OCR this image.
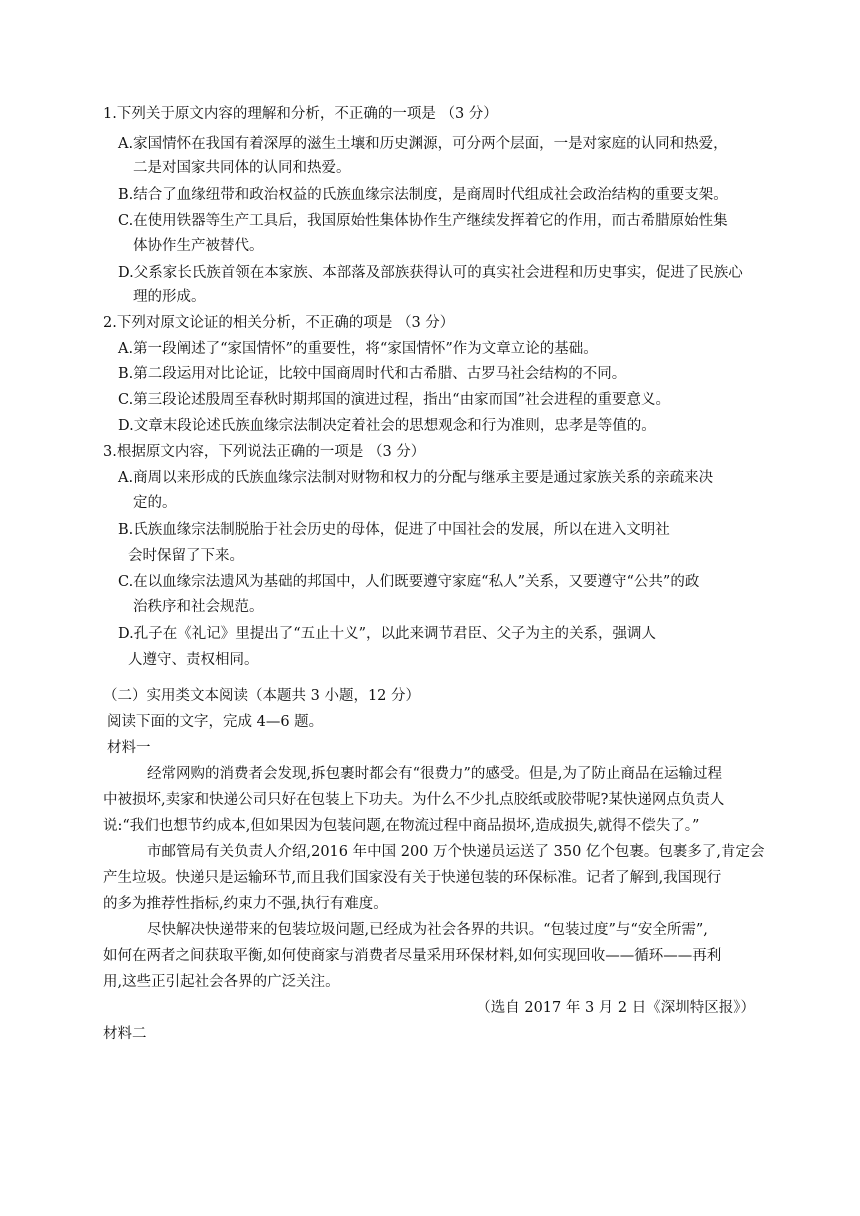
1.下列关于原文内容的理解和分析，不正确的一项是 （3 分）
A.家国情怀在我国有着深厚的滋生土壤和历史渊源，可分两个层面，一是对家庭的认同和热爱，
二是对国家共同体的认同和热爱。
B.结合了血缘纽带和政治权益的氏族血缘宗法制度，是商周时代组成社会政治结构的重要支架。
C.在使用铁器等生产工具后，我国原始性集体协作生产继续发挥着它的作用，而古希腊原始性集
体协作生产被替代。
D.父系家长氏族首领在本家族、本部落及部族获得认可的真实社会进程和历史事实，促进了民族心
理的形成。
2.下列对原文论证的相关分析，不正确的项是 （3 分）
A.第一段阐述了“家国情怀”的重要性，将“家国情怀”作为文章立论的基础。
B.第二段运用对比论证，比较中国商周时代和古希腊、古罗马社会结构的不同。
C.第三段论述殷周至春秋时期邦国的演进过程，指出“由家而国”社会进程的重要意义。
D.文章末段论述氏族血缘宗法制决定着社会的思想观念和行为准则，忠孝是等值的。
3.根据原文内容，下列说法正确的一项是 （3 分）
A.商周以来形成的氏族血缘宗法制对财物和权力的分配与继承主要是通过家族关系的亲疏来决
定的。
B.氏族血缘宗法制脱胎于社会历史的母体，促进了中国社会的发展，所以在进入文明社
会时保留了下来。
C.在以血缘宗法遗风为基础的邦国中，人们既要遵守家庭“私人”关系，又要遵守“公共”的政
治秩序和社会规范。
D.孔子在《礼记》里提出了“五止十义”，以此来调节君臣、父子为主的关系，强调人
人遵守、责权相同。
（二）实用类文本阅读（本题共 3 小题，12 分）
阅读下面的文字，完成 4—6 题。
材料一
经常网购的消费者会发现,拆包裹时都会有“很费力”的感受。但是,为了防止商品在运输过程
中被损坏,卖家和快递公司只好在包装上下功夫。为什么不少扎点胶纸或胶带呢?某快递网点负责人
说:“我们也想节约成本,但如果因为包装问题,在物流过程中商品损坏,造成损失,就得不偿失了。”
市邮管局有关负责人介绍,2016 年中国 200 万个快递员运送了 350 亿个包裹。包裹多了,肯定会
产生垃圾。快递只是运输环节,而且我们国家没有关于快递包装的环保标准。记者了解到,我国现行
的多为推荐性指标,约束力不强,执行有难度。
尽快解决快递带来的包装垃圾问题,已经成为社会各界的共识。“包装过度”与“安全所需”,
如何在两者之间获取平衡,如何使商家与消费者尽量采用环保材料,如何实现回收——循环——再利
用,这些正引起社会各界的广泛关注。
（选自 2017 年 3 月 2 日《深圳特区报》）
材料二
